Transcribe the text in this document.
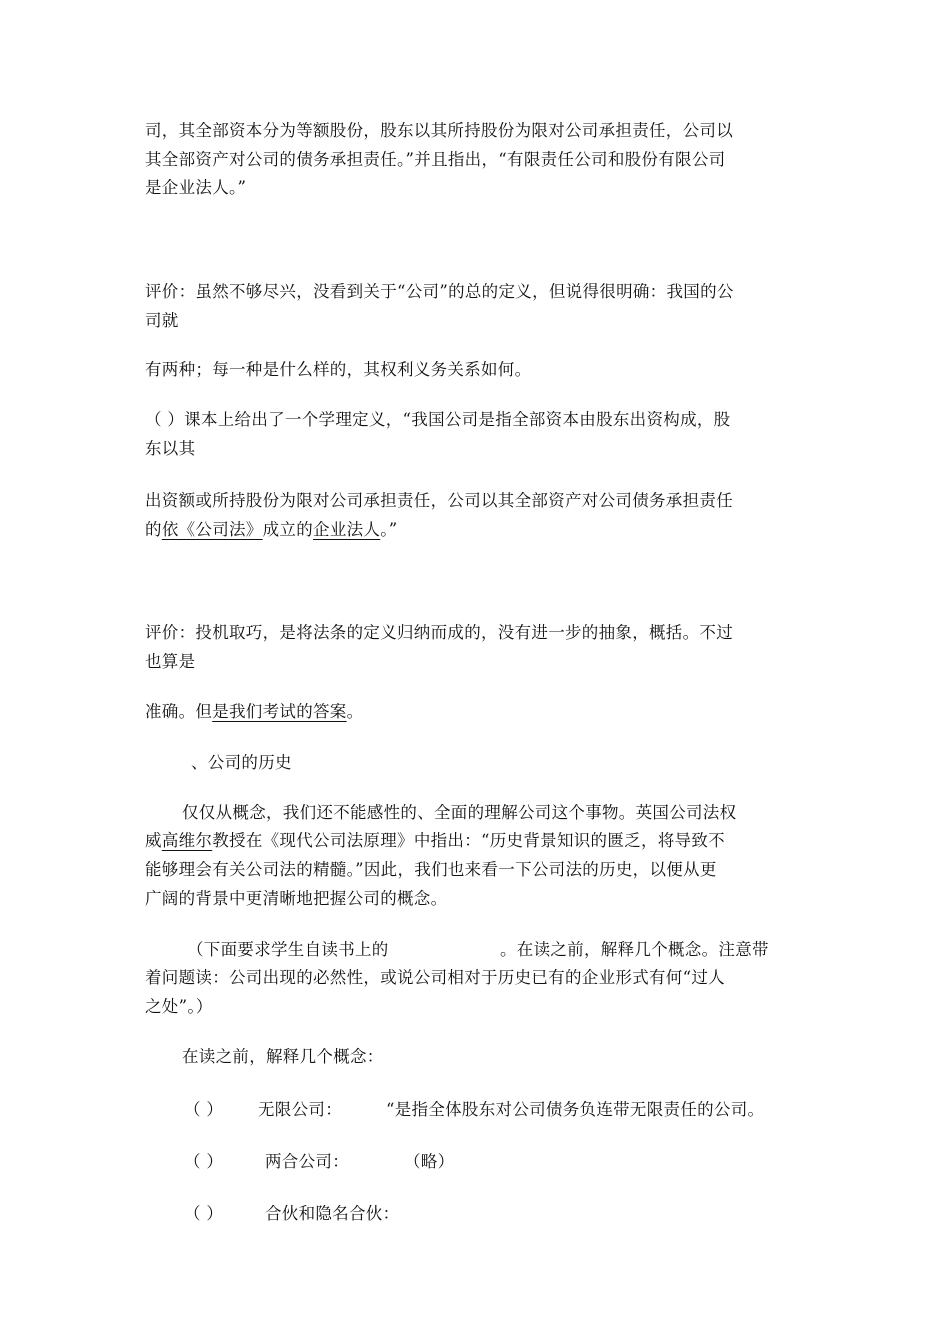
司，其全部资本分为等额股份，股东以其所持股份为限对公司承担责任，公司以
其全部资产对公司的债务承担责任。”并且指出，“有限责任公司和股份有限公司
是企业法人。”
评价：虽然不够尽兴，没看到关于“公司”的总的定义，但说得很明确：我国的公
司就
有两种；每一种是什么样的，其权利义务关系如何。
（ ）课本上给出了一个学理定义，“我国公司是指全部资本由股东出资构成，股
东以其
出资额或所持股份为限对公司承担责任，公司以其全部资产对公司债务承担责任
的依《公司法》成立的企业法人。”
评价：投机取巧，是将法条的定义归纳而成的，没有进一步的抽象，概括。不过
也算是
准确。但是我们考试的答案。
、公司的历史
仅仅从概念，我们还不能感性的、全面的理解公司这个事物。英国公司法权
威高维尔教授在《现代公司法原理》中指出：“历史背景知识的匮乏，将导致不
能够理会有关公司法的精髓。”因此，我们也来看一下公司法的历史，以便从更
广阔的背景中更清晰地把握公司的概念。
（下面要求学生自读书上的	。在读之前，解释几个概念。注意带
着问题读：公司出现的必然性，或说公司相对于历史已有的企业形式有何“过人
之处”。）
在读之前，解释几个概念：
（ ）	无限公司：	“是指全体股东对公司债务负连带无限责任的公司。
（ ）	两合公司：	（略）
（ ）	合伙和隐名合伙：
